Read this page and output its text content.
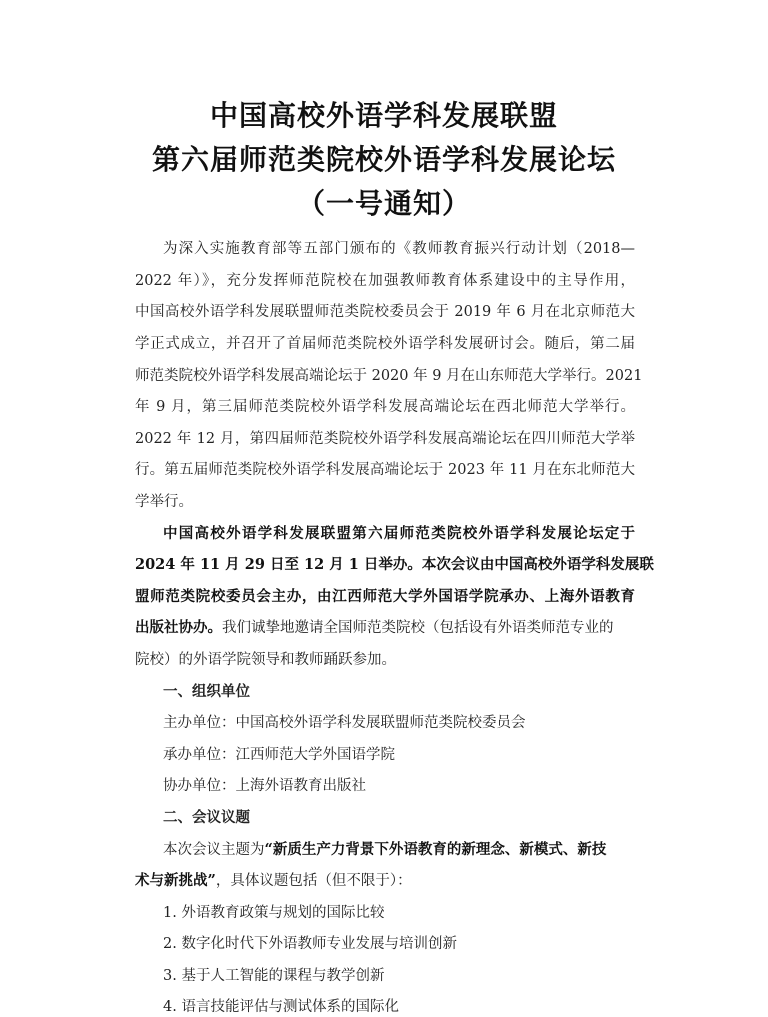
中国高校外语学科发展联盟
第六届师范类院校外语学科发展论坛
（一号通知）
为深入实施教育部等五部门颁布的《教师教育振兴行动计划（2018—
2022 年）》，充分发挥师范院校在加强教师教育体系建设中的主导作用，
中国高校外语学科发展联盟师范类院校委员会于 2019 年 6 月在北京师范大
学正式成立，并召开了首届师范类院校外语学科发展研讨会。随后，第二届
师范类院校外语学科发展高端论坛于 2020 年 9 月在山东师范大学举行。2021
年 9 月，第三届师范类院校外语学科发展高端论坛在西北师范大学举行。
2022 年 12 月，第四届师范类院校外语学科发展高端论坛在四川师范大学举
行。第五届师范类院校外语学科发展高端论坛于 2023 年 11 月在东北师范大
学举行。
中国高校外语学科发展联盟第六届师范类院校外语学科发展论坛定于
2024 年 11 月 29 日至 12 月 1 日举办。本次会议由中国高校外语学科发展联
盟师范类院校委员会主办，由江西师范大学外国语学院承办、上海外语教育
出版社协办。我们诚挚地邀请全国师范类院校（包括设有外语类师范专业的
院校）的外语学院领导和教师踊跃参加。
一、组织单位
主办单位：中国高校外语学科发展联盟师范类院校委员会
承办单位：江西师范大学外国语学院
协办单位：上海外语教育出版社
二、会议议题
本次会议主题为“新质生产力背景下外语教育的新理念、新模式、新技
术与新挑战”，具体议题包括（但不限于）：
1. 外语教育政策与规划的国际比较
2. 数字化时代下外语教师专业发展与培训创新
3. 基于人工智能的课程与教学创新
4. 语言技能评估与测试体系的国际化
